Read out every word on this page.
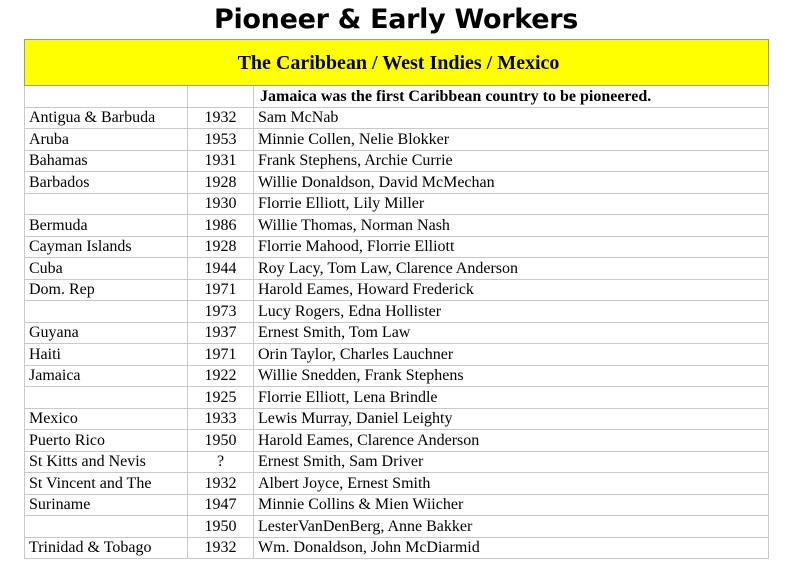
Pioneer & Early Workers
The Caribbean / West Indies / Mexico		
		Jamaica was the first Caribbean country to be pioneered.
Antigua & Barbuda	1932	Sam McNab
Aruba	1953	Minnie Collen, Nelie Blokker
Bahamas	1931	Frank Stephens, Archie Currie
Barbados	1928	Willie Donaldson, David McMechan
	1930	Florrie Elliott, Lily Miller
Bermuda	1986	Willie Thomas, Norman Nash
Cayman Islands	1928	Florrie Mahood, Florrie Elliott
Cuba	1944	Roy Lacy, Tom Law, Clarence Anderson
Dom. Rep	1971	Harold Eames, Howard Frederick
	1973	Lucy Rogers, Edna Hollister
Guyana	1937	Ernest Smith, Tom Law
Haiti	1971	Orin Taylor, Charles Lauchner
Jamaica	1922	Willie Snedden, Frank Stephens
	1925	Florrie Elliott, Lena Brindle
Mexico	1933	Lewis Murray, Daniel Leighty
Puerto Rico	1950	Harold Eames, Clarence Anderson
St Kitts and Nevis	?	Ernest Smith, Sam Driver
St Vincent and The	1932	Albert Joyce, Ernest Smith
Suriname	1947	Minnie Collins & Mien Wiicher
	1950	LesterVanDenBerg, Anne Bakker
Trinidad & Tobago	1932	Wm. Donaldson, John McDiarmid
